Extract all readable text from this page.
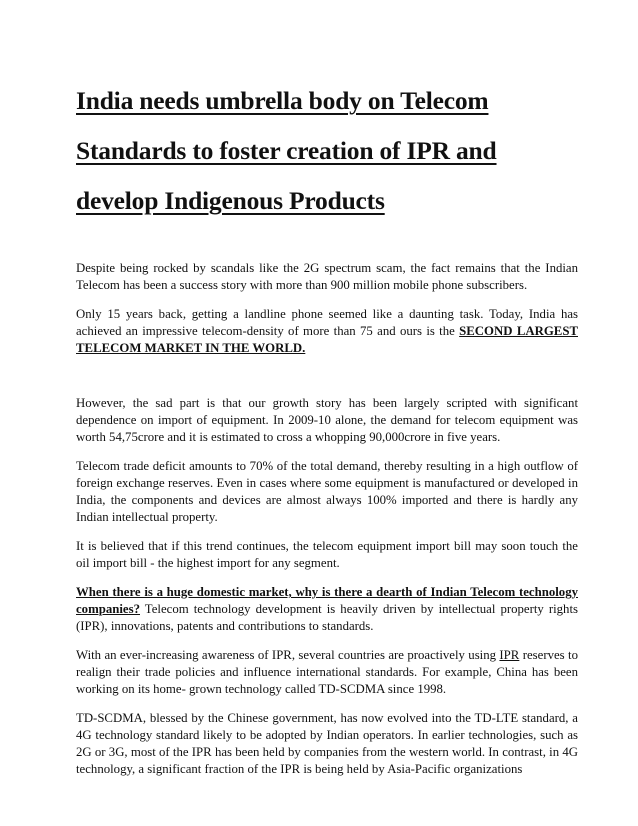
India needs umbrella body on Telecom
Standards to foster creation of IPR and
develop Indigenous Products

Despite being rocked by scandals like the 2G spectrum scam, the fact remains that the Indian Telecom has been a success story with more than 900 million mobile phone subscribers.

Only 15 years back, getting a landline phone seemed like a daunting task. Today, India has achieved an impressive telecom-density of more than 75 and ours is the SECOND LARGEST TELECOM MARKET IN THE WORLD.

However, the sad part is that our growth story has been largely scripted with significant dependence on import of equipment. In 2009-10 alone, the demand for telecom equipment was worth 54,75crore and it is estimated to cross a whopping 90,000crore in five years.

Telecom trade deficit amounts to 70% of the total demand, thereby resulting in a high outflow of foreign exchange reserves. Even in cases where some equipment is manufactured or developed in India, the components and devices are almost always 100% imported and there is hardly any Indian intellectual property.

It is believed that if this trend continues, the telecom equipment import bill may soon touch the oil import bill - the highest import for any segment.

When there is a huge domestic market, why is there a dearth of Indian Telecom technology companies? Telecom technology development is heavily driven by intellectual property rights (IPR), innovations, patents and contributions to standards.

With an ever-increasing awareness of IPR, several countries are proactively using IPR reserves to realign their trade policies and influence international standards. For example, China has been working on its home- grown technology called TD-SCDMA since 1998.

TD-SCDMA, blessed by the Chinese government, has now evolved into the TD-LTE standard, a 4G technology standard likely to be adopted by Indian operators. In earlier technologies, such as 2G or 3G, most of the IPR has been held by companies from the western world. In contrast, in 4G technology, a significant fraction of the IPR is being held by Asia-Pacific organizations
